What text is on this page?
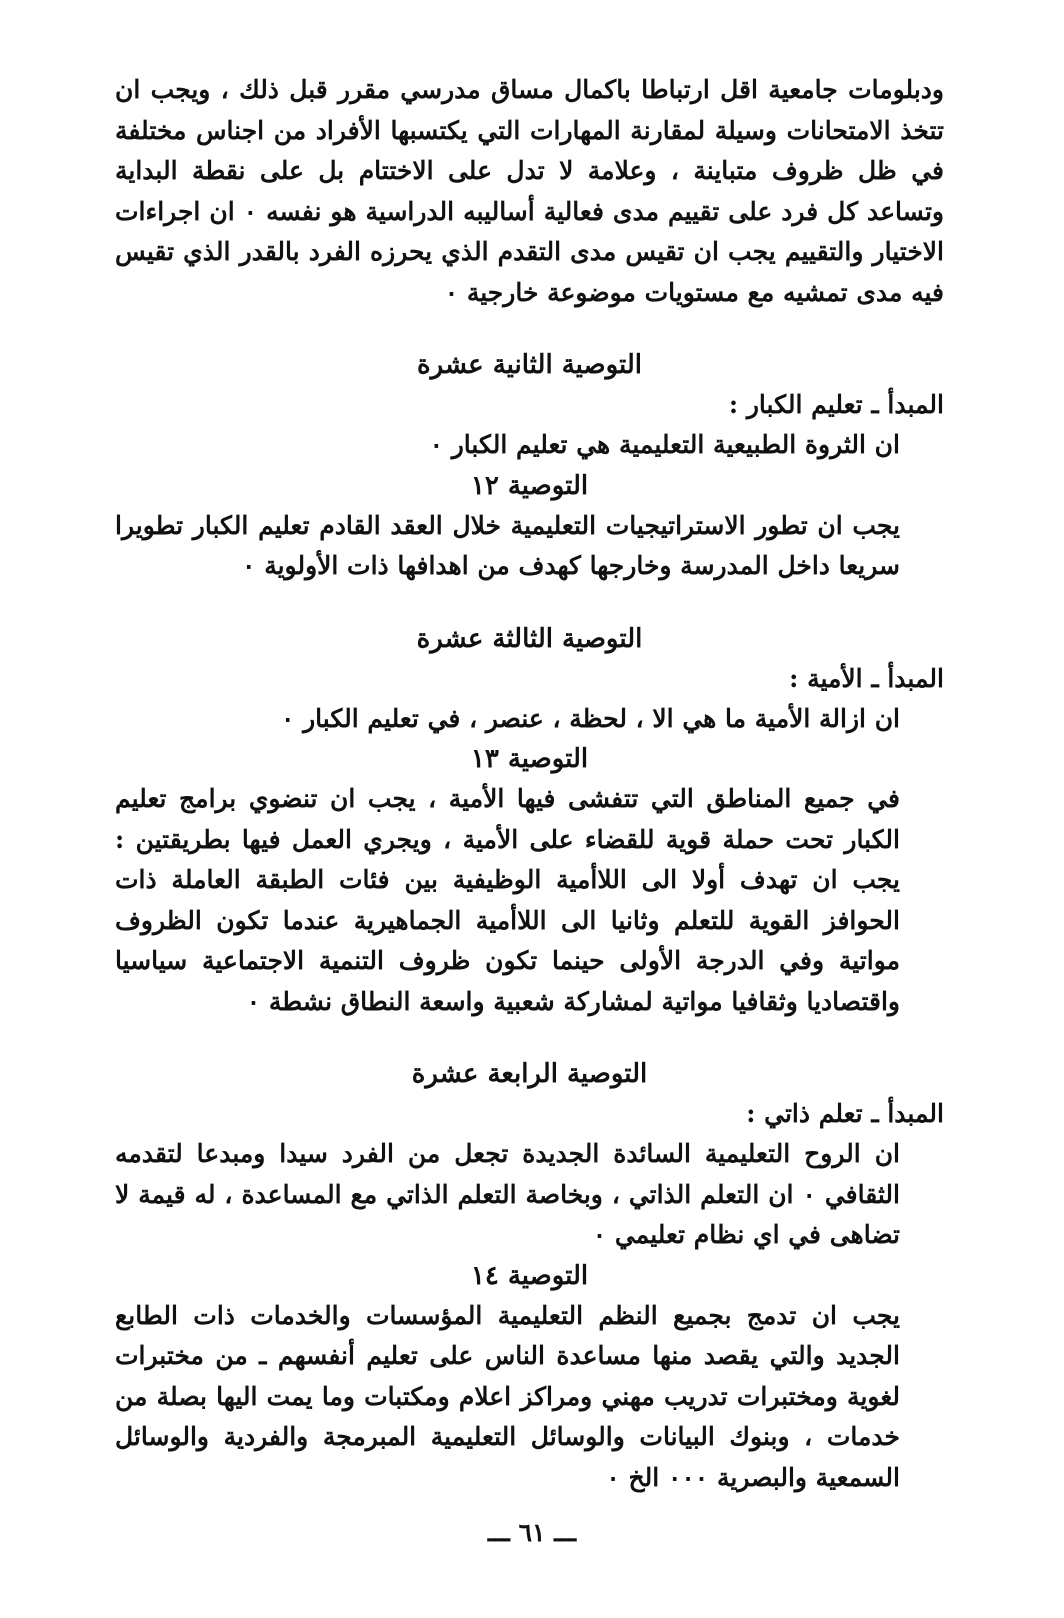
ودبلومات جامعية اقل ارتباطا باكمال مساق مدرسي مقرر قبل ذلك ، ويجب ان تتخذ الامتحانات وسيلة لمقارنة المهارات التي يكتسبها الأفراد من اجناس مختلفة في ظل ظروف متباينة ، وعلامة لا تدل على الاختتام بل على نقطة البداية وتساعد كل فرد على تقييم مدى فعالية أساليبه الدراسية هو نفسه ٠ ان اجراءات الاختيار والتقييم يجب ان تقيس مدى التقدم الذي يحرزه الفرد بالقدر الذي تقيس فيه مدى تمشيه مع مستويات موضوعة خارجية ٠

التوصية الثانية عشرة

المبدأ ـ تعليم الكبار :

ان الثروة الطبيعية التعليمية هي تعليم الكبار ٠

التوصية ١٢

يجب ان تطور الاستراتيجيات التعليمية خلال العقد القادم تعليم الكبار تطويرا سريعا داخل المدرسة وخارجها كهدف من اهدافها ذات الأولوية ٠

التوصية الثالثة عشرة

المبدأ ـ الأمية :

ان ازالة الأمية ما هي الا ، لحظة ، عنصر ، في تعليم الكبار ٠

التوصية ١٣

في جميع المناطق التي تتفشى فيها الأمية ، يجب ان تنضوي برامج تعليم الكبار تحت حملة قوية للقضاء على الأمية ، ويجري العمل فيها بطريقتين : يجب ان تهدف أولا الى اللاأمية الوظيفية بين فئات الطبقة العاملة ذات الحوافز القوية للتعلم وثانيا الى اللاأمية الجماهيرية عندما تكون الظروف مواتية وفي الدرجة الأولى حينما تكون ظروف التنمية الاجتماعية سياسيا واقتصاديا وثقافيا مواتية لمشاركة شعبية واسعة النطاق نشطة ٠

التوصية الرابعة عشرة

المبدأ ـ تعلم ذاتي :

ان الروح التعليمية السائدة الجديدة تجعل من الفرد سيدا ومبدعا لتقدمه الثقافي ٠ ان التعلم الذاتي ، وبخاصة التعلم الذاتي مع المساعدة ، له قيمة لا تضاهى في اي نظام تعليمي ٠

التوصية ١٤

يجب ان تدمج بجميع النظم التعليمية المؤسسات والخدمات ذات الطابع الجديد والتي يقصد منها مساعدة الناس على تعليم أنفسهم ـ من مختبرات لغوية ومختبرات تدريب مهني ومراكز اعلام ومكتبات وما يمت اليها بصلة من خدمات ، وبنوك البيانات والوسائل التعليمية المبرمجة والفردية والوسائل السمعية والبصرية ٠٠٠ الخ ٠

ـــ ٦١ ـــ
